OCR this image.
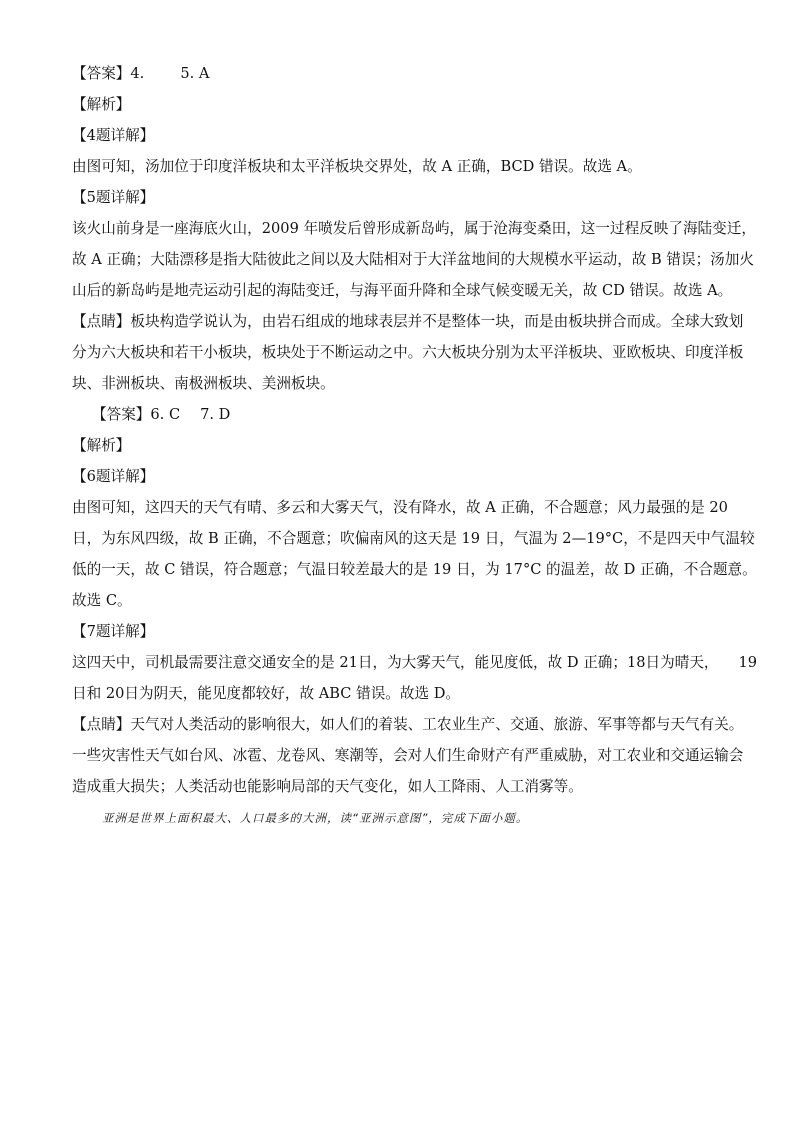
【答案】4. 5. A

【解析】

【4题详解】

由图可知，汤加位于印度洋板块和太平洋板块交界处，故 A 正确，BCD 错误。故选 A。

【5题详解】

该火山前身是一座海底火山，2009 年喷发后曾形成新岛屿，属于沧海变桑田，这一过程反映了海陆变迁，

故 A 正确；大陆漂移是指大陆彼此之间以及大陆相对于大洋盆地间的大规模水平运动，故 B 错误；汤加火

山后的新岛屿是地壳运动引起的海陆变迁，与海平面升降和全球气候变暖无关，故 CD 错误。故选 A。

【点睛】板块构造学说认为，由岩石组成的地球表层并不是整体一块，而是由板块拼合而成。全球大致划

分为六大板块和若干小板块，板块处于不断运动之中。六大板块分别为太平洋板块、亚欧板块、印度洋板

块、非洲板块、南极洲板块、美洲板块。

【答案】6. C 7. D

【解析】

【6题详解】

由图可知，这四天的天气有晴、多云和大雾天气，没有降水，故 A 正确，不合题意；风力最强的是 20

日，为东风四级，故 B 正确，不合题意；吹偏南风的这天是 19 日，气温为 2—19°C，不是四天中气温较

低的一天，故 C 错误，符合题意；气温日较差最大的是 19 日，为 17°C 的温差，故 D 正确，不合题意。

故选 C。

【7题详解】

这四天中，司机最需要注意交通安全的是 21日，为大雾天气，能见度低，故 D 正确；18日为晴天， 19

日和 20日为阴天，能见度都较好，故 ABC 错误。故选 D。

【点睛】天气对人类活动的影响很大，如人们的着装、工农业生产、交通、旅游、军事等都与天气有关。

一些灾害性天气如台风、冰雹、龙卷风、寒潮等，会对人们生命财产有严重威胁，对工农业和交通运输会

造成重大损失；人类活动也能影响局部的天气变化，如人工降雨、人工消雾等。

亚洲是世界上面积最大、人口最多的大洲，读“亚洲示意图”，完成下面小题。
